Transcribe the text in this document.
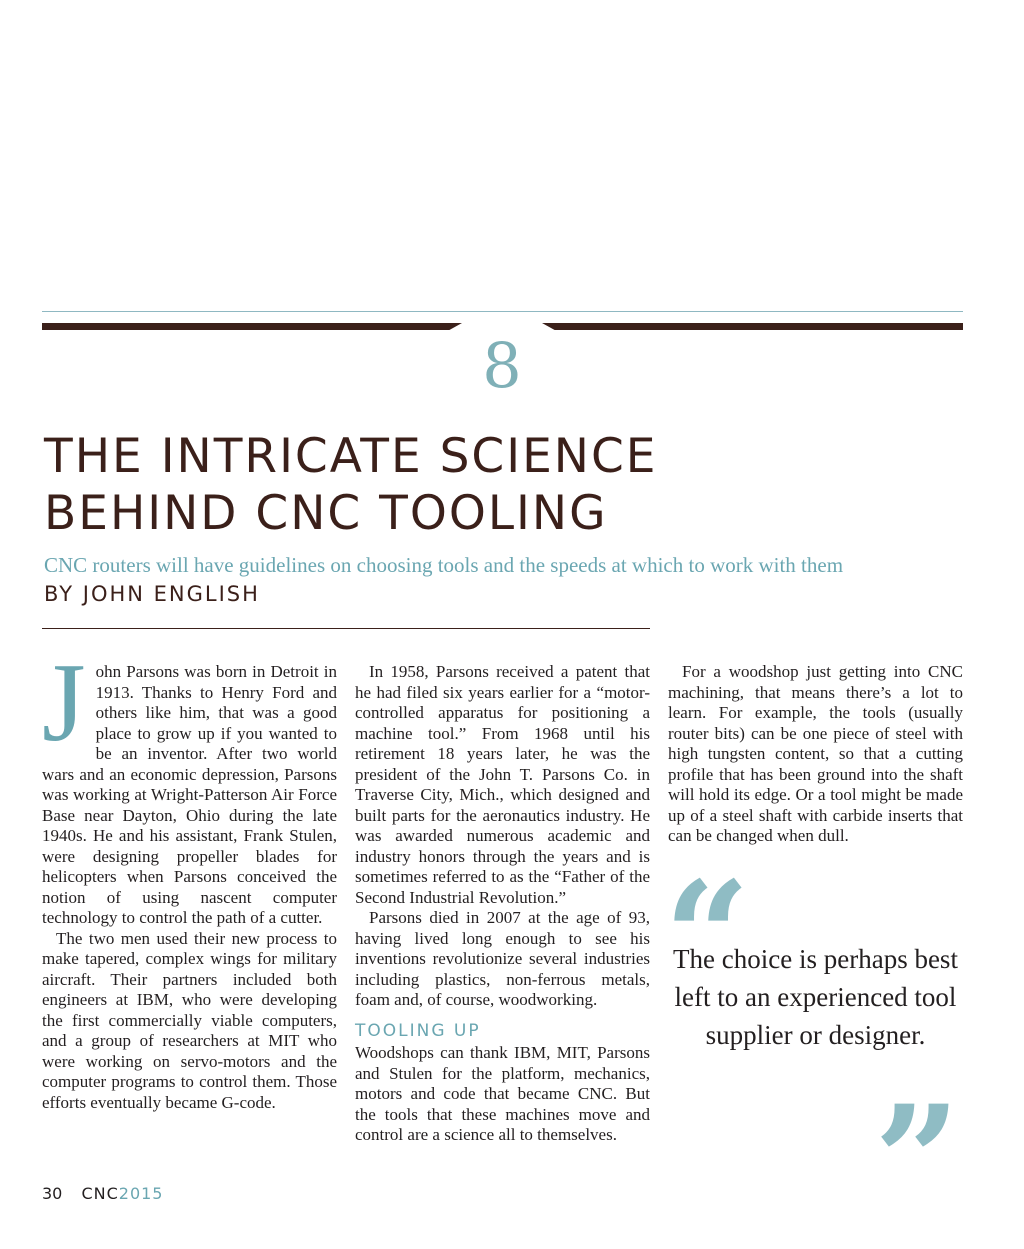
8
THE INTRICATE SCIENCE
BEHIND CNC TOOLING
CNC routers will have guidelines on choosing tools and the speeds at which to work with them
BY JOHN ENGLISH

John Parsons was born in Detroit in 1913. Thanks to Henry Ford and others like him, that was a good place to grow up if you wanted to be an inventor. After two world wars and an economic depression, Parsons was working at Wright-Patterson Air Force Base near Dayton, Ohio during the late 1940s. He and his assistant, Frank Stulen, were designing propeller blades for helicopters when Parsons conceived the notion of using nascent computer technology to control the path of a cutter.

The two men used their new process to make tapered, complex wings for military aircraft. Their partners included both engineers at IBM, who were developing the first commercially viable computers, and a group of researchers at MIT who were working on servo-motors and the computer programs to control them. Those efforts eventually became G-code.

In 1958, Parsons received a patent that he had filed six years earlier for a “motor-controlled apparatus for positioning a machine tool.” From 1968 until his retirement 18 years later, he was the president of the John T. Parsons Co. in Traverse City, Mich., which designed and built parts for the aeronautics industry. He was awarded numerous academic and industry honors through the years and is sometimes referred to as the “Father of the Second Industrial Revolution.”

Parsons died in 2007 at the age of 93, having lived long enough to see his inventions revolutionize several industries including plastics, non-ferrous metals, foam and, of course, woodworking.

TOOLING UP

Woodshops can thank IBM, MIT, Parsons and Stulen for the platform, mechanics, motors and code that became CNC. But the tools that these machines move and control are a science all to themselves.

For a woodshop just getting into CNC machining, that means there’s a lot to learn. For example, the tools (usually router bits) can be one piece of steel with high tungsten content, so that a cutting profile that has been ground into the shaft will hold its edge. Or a tool might be made up of a steel shaft with carbide inserts that can be changed when dull.

“
The choice is perhaps best left to an experienced tool supplier or designer.
”
30 CNC2015
